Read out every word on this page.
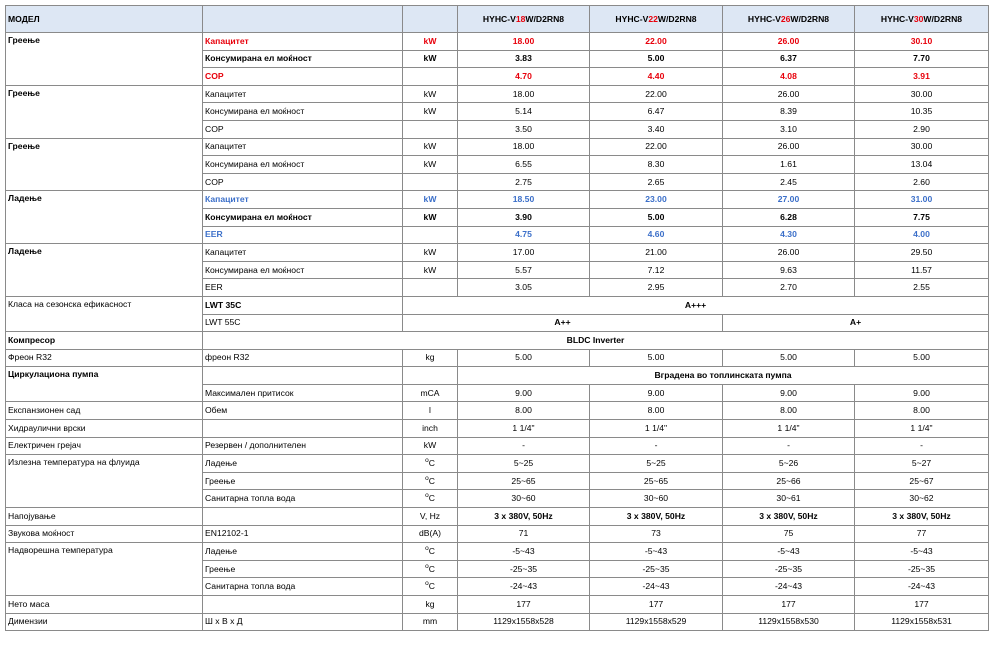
МОДЕЛ			HYHC-V18W/D2RN8	HYHC-V22W/D2RN8	HYHC-V26W/D2RN8	HYHC-V30W/D2RN8
Греење	Капацитет	kW	18.00	22.00	26.00	30.10
	Консумирана ел моќност	kW	3.83	5.00	6.37	7.70
	COP		4.70	4.40	4.08	3.91
Греење	Капацитет	kW	18.00	22.00	26.00	30.00
	Консумирана ел моќност	kW	5.14	6.47	8.39	10.35
	COP		3.50	3.40	3.10	2.90
Греење	Капацитет	kW	18.00	22.00	26.00	30.00
	Консумирана ел моќност	kW	6.55	8.30	1.61	13.04
	COP		2.75	2.65	2.45	2.60
Ладење	Капацитет	kW	18.50	23.00	27.00	31.00
	Консумирана ел моќност	kW	3.90	5.00	6.28	7.75
	EER		4.75	4.60	4.30	4.00
Ладење	Капацитет	kW	17.00	21.00	26.00	29.50
	Консумирана ел моќност	kW	5.57	7.12	9.63	11.57
	EER		3.05	2.95	2.70	2.55
Класа на сезонска ефикасност	LWT 35C	A+++				
	LWT 55C	A++			A+	
Компресор	BLDC Inverter					
Фреон R32	фреон R32	kg	5.00	5.00	5.00	5.00
Циркулациона пумпа			Вградена во топлинската пумпа			
	Максимален притисок	mCA	9.00	9.00	9.00	9.00
Експанзионен сад	Обем	l	8.00	8.00	8.00	8.00
Хидраулични врски		inch	1 1/4"	1 1/4"	1 1/4"	1 1/4"
Електричен грејач	Резервен / дополнителен	kW	-	-	-	-
Излезна температура на флуида	Ладење	$^o$C	5~25	5~25	5~26	5~27
	Греење	$^o$C	25~65	25~65	25~66	25~67
	Санитарна топла вода	$^o$C	30~60	30~60	30~61	30~62
Напојување		V, Hz	3 x 380V, 50Hz	3 x 380V, 50Hz	3 x 380V, 50Hz	3 x 380V, 50Hz
Звукова моќност	EN12102-1	dB(A)	71	73	75	77
Надворешна температура	Ладење	$^o$C	-5~43	-5~43	-5~43	-5~43
	Греење	$^o$C	-25~35	-25~35	-25~35	-25~35
	Санитарна топла вода	$^o$C	-24~43	-24~43	-24~43	-24~43
Нето маса		kg	177	177	177	177
Димензии	Ш x В x Д	mm	1129x1558x528	1129x1558x529	1129x1558x530	1129x1558x531
